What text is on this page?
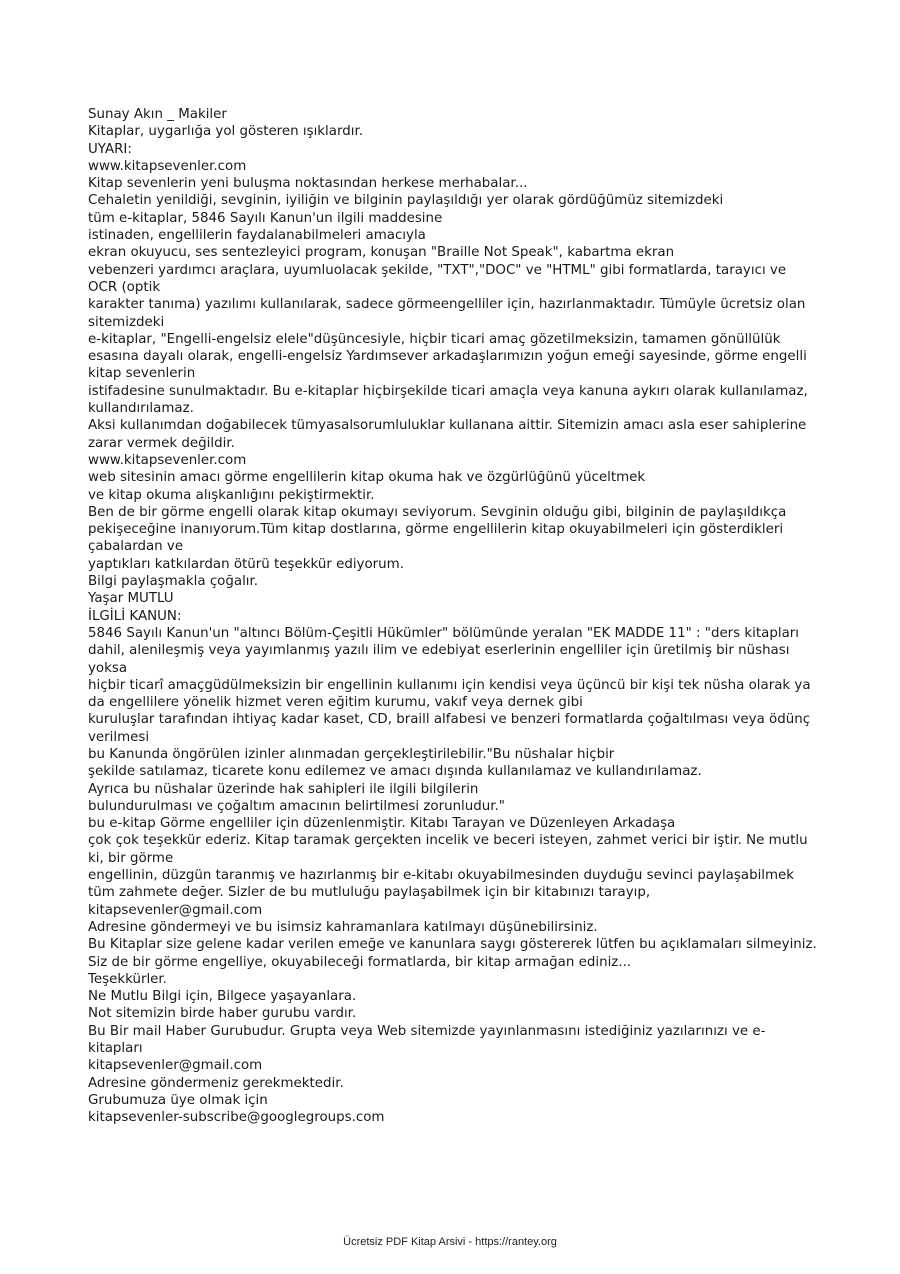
Sunay Akın _ Makiler
Kitaplar, uygarlığa yol gösteren ışıklardır.
UYARI:
www.kitapsevenler.com
Kitap sevenlerin yeni buluşma noktasından herkese merhabalar...
Cehaletin yenildiği, sevginin, iyiliğin ve bilginin paylaşıldığı yer olarak gördüğümüz sitemizdeki
tüm e-kitaplar, 5846 Sayılı Kanun'un ilgili maddesine
istinaden, engellilerin faydalanabilmeleri amacıyla
ekran okuyucu, ses sentezleyici program, konuşan "Braille Not Speak", kabartma ekran
vebenzeri yardımcı araçlara, uyumluolacak şekilde, "TXT","DOC" ve "HTML" gibi formatlarda, tarayıcı ve OCR (optik
karakter tanıma) yazılımı kullanılarak, sadece görmeengelliler için, hazırlanmaktadır. Tümüyle ücretsiz olan sitemizdeki
e-kitaplar, "Engelli-engelsiz elele"düşüncesiyle, hiçbir ticari amaç gözetilmeksizin, tamamen gönüllülük esasına dayalı olarak, engelli-engelsiz Yardımsever arkadaşlarımızın yoğun emeği sayesinde, görme engelli kitap sevenlerin
istifadesine sunulmaktadır. Bu e-kitaplar hiçbirşekilde ticari amaçla veya kanuna aykırı olarak kullanılamaz, kullandırılamaz.
Aksi kullanımdan doğabilecek tümyasalsorumluluklar kullanana aittir. Sitemizin amacı asla eser sahiplerine zarar vermek değildir.
www.kitapsevenler.com
web sitesinin amacı görme engellilerin kitap okuma hak ve özgürlüğünü yüceltmek
ve kitap okuma alışkanlığını pekiştirmektir.
Ben de bir görme engelli olarak kitap okumayı seviyorum. Sevginin olduğu gibi, bilginin de paylaşıldıkça pekişeceğine inanıyorum.Tüm kitap dostlarına, görme engellilerin kitap okuyabilmeleri için gösterdikleri çabalardan ve
yaptıkları katkılardan ötürü teşekkür ediyorum.
Bilgi paylaşmakla çoğalır.
Yaşar MUTLU
İLGİLİ KANUN:
5846 Sayılı Kanun'un "altıncı Bölüm-Çeşitli Hükümler" bölümünde yeralan "EK MADDE 11" : "ders kitapları dahil, alenileşmiş veya yayımlanmış yazılı ilim ve edebiyat eserlerinin engelliler için üretilmiş bir nüshası yoksa
hiçbir ticarî amaçgüdülmeksizin bir engellinin kullanımı için kendisi veya üçüncü bir kişi tek nüsha olarak ya da engellilere yönelik hizmet veren eğitim kurumu, vakıf veya dernek gibi
kuruluşlar tarafından ihtiyaç kadar kaset, CD, braill alfabesi ve benzeri formatlarda çoğaltılması veya ödünç verilmesi
bu Kanunda öngörülen izinler alınmadan gerçekleştirilebilir."Bu nüshalar hiçbir
şekilde satılamaz, ticarete konu edilemez ve amacı dışında kullanılamaz ve kullandırılamaz.
Ayrıca bu nüshalar üzerinde hak sahipleri ile ilgili bilgilerin
bulundurulması ve çoğaltım amacının belirtilmesi zorunludur."
bu e-kitap Görme engelliler için düzenlenmiştir. Kitabı Tarayan ve Düzenleyen Arkadaşa
çok çok teşekkür ederiz. Kitap taramak gerçekten incelik ve beceri isteyen, zahmet verici bir iştir. Ne mutlu ki, bir görme
engellinin, düzgün taranmış ve hazırlanmış bir e-kitabı okuyabilmesinden duyduğu sevinci paylaşabilmek tüm zahmete değer. Sizler de bu mutluluğu paylaşabilmek için bir kitabınızı tarayıp,
kitapsevenler@gmail.com
Adresine göndermeyi ve bu isimsiz kahramanlara katılmayı düşünebilirsiniz.
Bu Kitaplar size gelene kadar verilen emeğe ve kanunlara saygı göstererek lütfen bu açıklamaları silmeyiniz.
Siz de bir görme engelliye, okuyabileceği formatlarda, bir kitap armağan ediniz...
Teşekkürler.
Ne Mutlu Bilgi için, Bilgece yaşayanlara.
Not sitemizin birde haber gurubu vardır.
Bu Bir mail Haber Gurubudur. Grupta veya Web sitemizde yayınlanmasını istediğiniz yazılarınızı ve e-kitapları
kitapsevenler@gmail.com
Adresine göndermeniz gerekmektedir.
Grubumuza üye olmak için
kitapsevenler-subscribe@googlegroups.com
Ücretsiz PDF Kitap Arsivi - https://rantey.org
